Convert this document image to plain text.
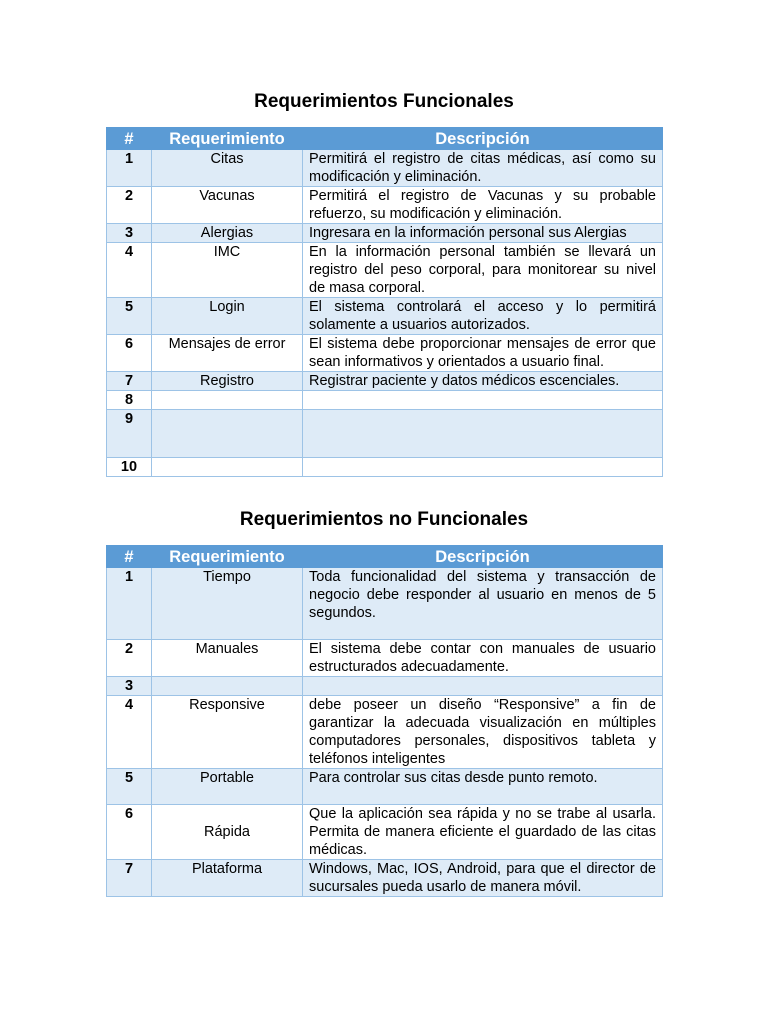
Requerimientos Funcionales
#	Requerimiento	Descripción
1	Citas	Permitirá el registro de citas médicas, así como su modificación y eliminación.
2	Vacunas	Permitirá el registro de Vacunas y su probable refuerzo, su modificación y eliminación.
3	Alergias	Ingresara en la información personal sus Alergias
4	IMC	En la información personal también se llevará un registro del peso corporal, para monitorear su nivel de masa corporal.
5	Login	El sistema controlará el acceso y lo permitirá solamente a usuarios autorizados.
6	Mensajes de error	El sistema debe proporcionar mensajes de error que sean informativos y orientados a usuario final.
7	Registro	Registrar paciente y datos médicos escenciales.
8		
9		
10		
Requerimientos no Funcionales
#	Requerimiento	Descripción
1	Tiempo	Toda funcionalidad del sistema y transacción de negocio debe responder al usuario en menos de 5 segundos.
2	Manuales	El sistema debe contar con manuales de usuario estructurados adecuadamente.
3		
4	Responsive	debe poseer un diseño “Responsive” a fin de garantizar la adecuada visualización en múltiples computadores personales, dispositivos tableta y teléfonos inteligentes
5	Portable	Para controlar sus citas desde punto remoto.
6	Rápida	Que la aplicación sea rápida y no se trabe al usarla. Permita de manera eficiente el guardado de las citas médicas.
7	Plataforma	Windows, Mac, IOS, Android, para que el director de sucursales pueda usarlo de manera móvil.
